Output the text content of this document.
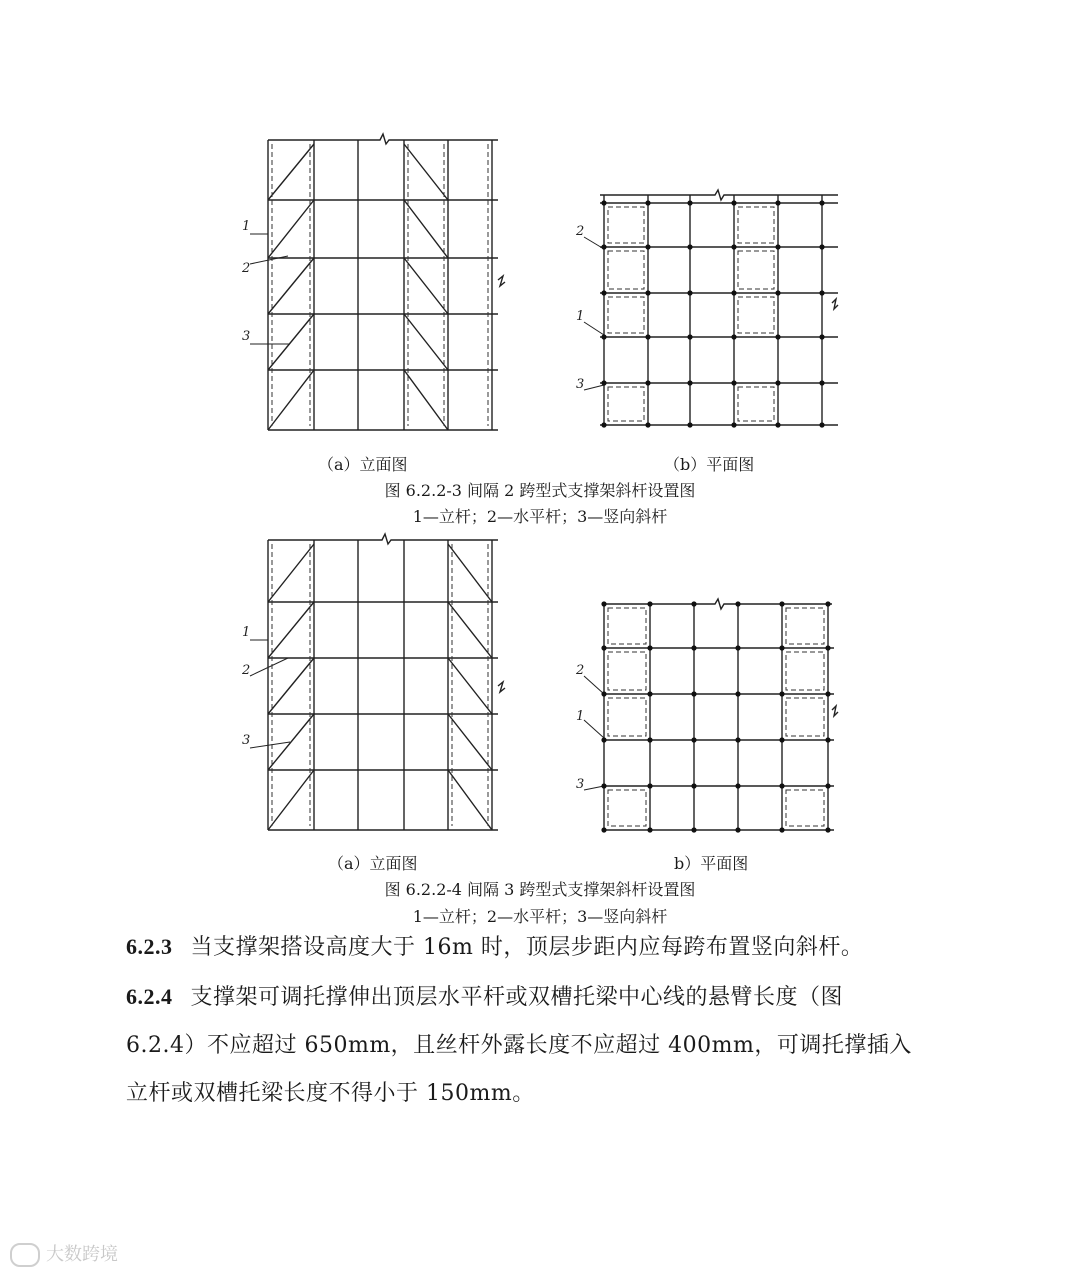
1
2
3
2
1
3
（a）立面图	（b）平面图
图 6.2.2-3 间隔 2 跨型式支撑架斜杆设置图
1—立杆；2—水平杆；3—竖向斜杆
1
2
3
2
1
3
（a）立面图	b）平面图
图 6.2.2-4 间隔 3 跨型式支撑架斜杆设置图
1—立杆；2—水平杆；3—竖向斜杆
6.2.3 当支撑架搭设高度大于 16m 时，顶层步距内应每跨布置竖向斜杆。
6.2.4 支撑架可调托撑伸出顶层水平杆或双槽托梁中心线的悬臂长度（图
6.2.4）不应超过 650mm，且丝杆外露长度不应超过 400mm，可调托撑插入
立杆或双槽托梁长度不得小于 150mm。
大数跨境
